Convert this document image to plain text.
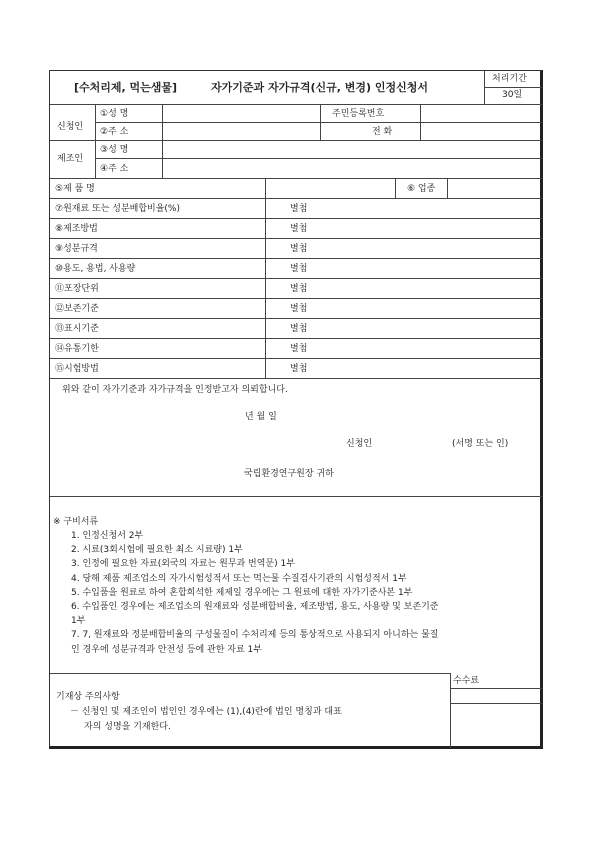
[수처리제, 먹는샘물]	자가기준과 자가규격(신규, 변경) 인정신청서
처리기간
30일
신청인
①성 명	주민등록번호
②주 소	전 화
제조인
③성 명
④주 소
⑤제 품 명	⑥ 업종
⑦원재료 또는 성분배합비율(%)	별첨
⑧제조방법	별첨
⑨성분규격	별첨
⑩용도, 용법, 사용량	별첨
⑪포장단위	별첨
⑫보존기준	별첨
⑬표시기준	별첨
⑭유통기한	별첨
⑮시험방법	별첨
위와 같이 자가기준과 자가규격을 인정받고자 의뢰합니다.
년 월 일
신청인	(서명 또는 인)
국립환경연구원장 귀하
※ 구비서류
1. 인정신청서 2부
2. 시료(3회시험에 필요한 최소 시료량) 1부
3. 인정에 필요한 자료(외국의 자료는 원무과 번역문) 1부
4. 당해 제품 제조업소의 자가시험성적서 또는 먹는물 수질검사기관의 시험성적서 1부
5. 수입품을 원료로 하여 혼합희석한 제제일 경우에는 그 원료에 대한 자가기준사본 1부
6. 수입품인 경우에는 제조업소의 원재료와 성분배합비율, 제조방법, 용도, 사용량 및 보존기준
1부
7. 7, 원재료와 정분배합비율의 구성물질이 수처리제 등의 통상적으로 사용되지 아니하는 물질
인 경우에 성분규격과 안전성 등에 관한 자료 1부
수수료
기재상 주의사항
－ 신청인 및 제조인이 법인인 경우에는 (1),(4)란에 법인 명칭과 대표
자의 성명을 기재한다.
